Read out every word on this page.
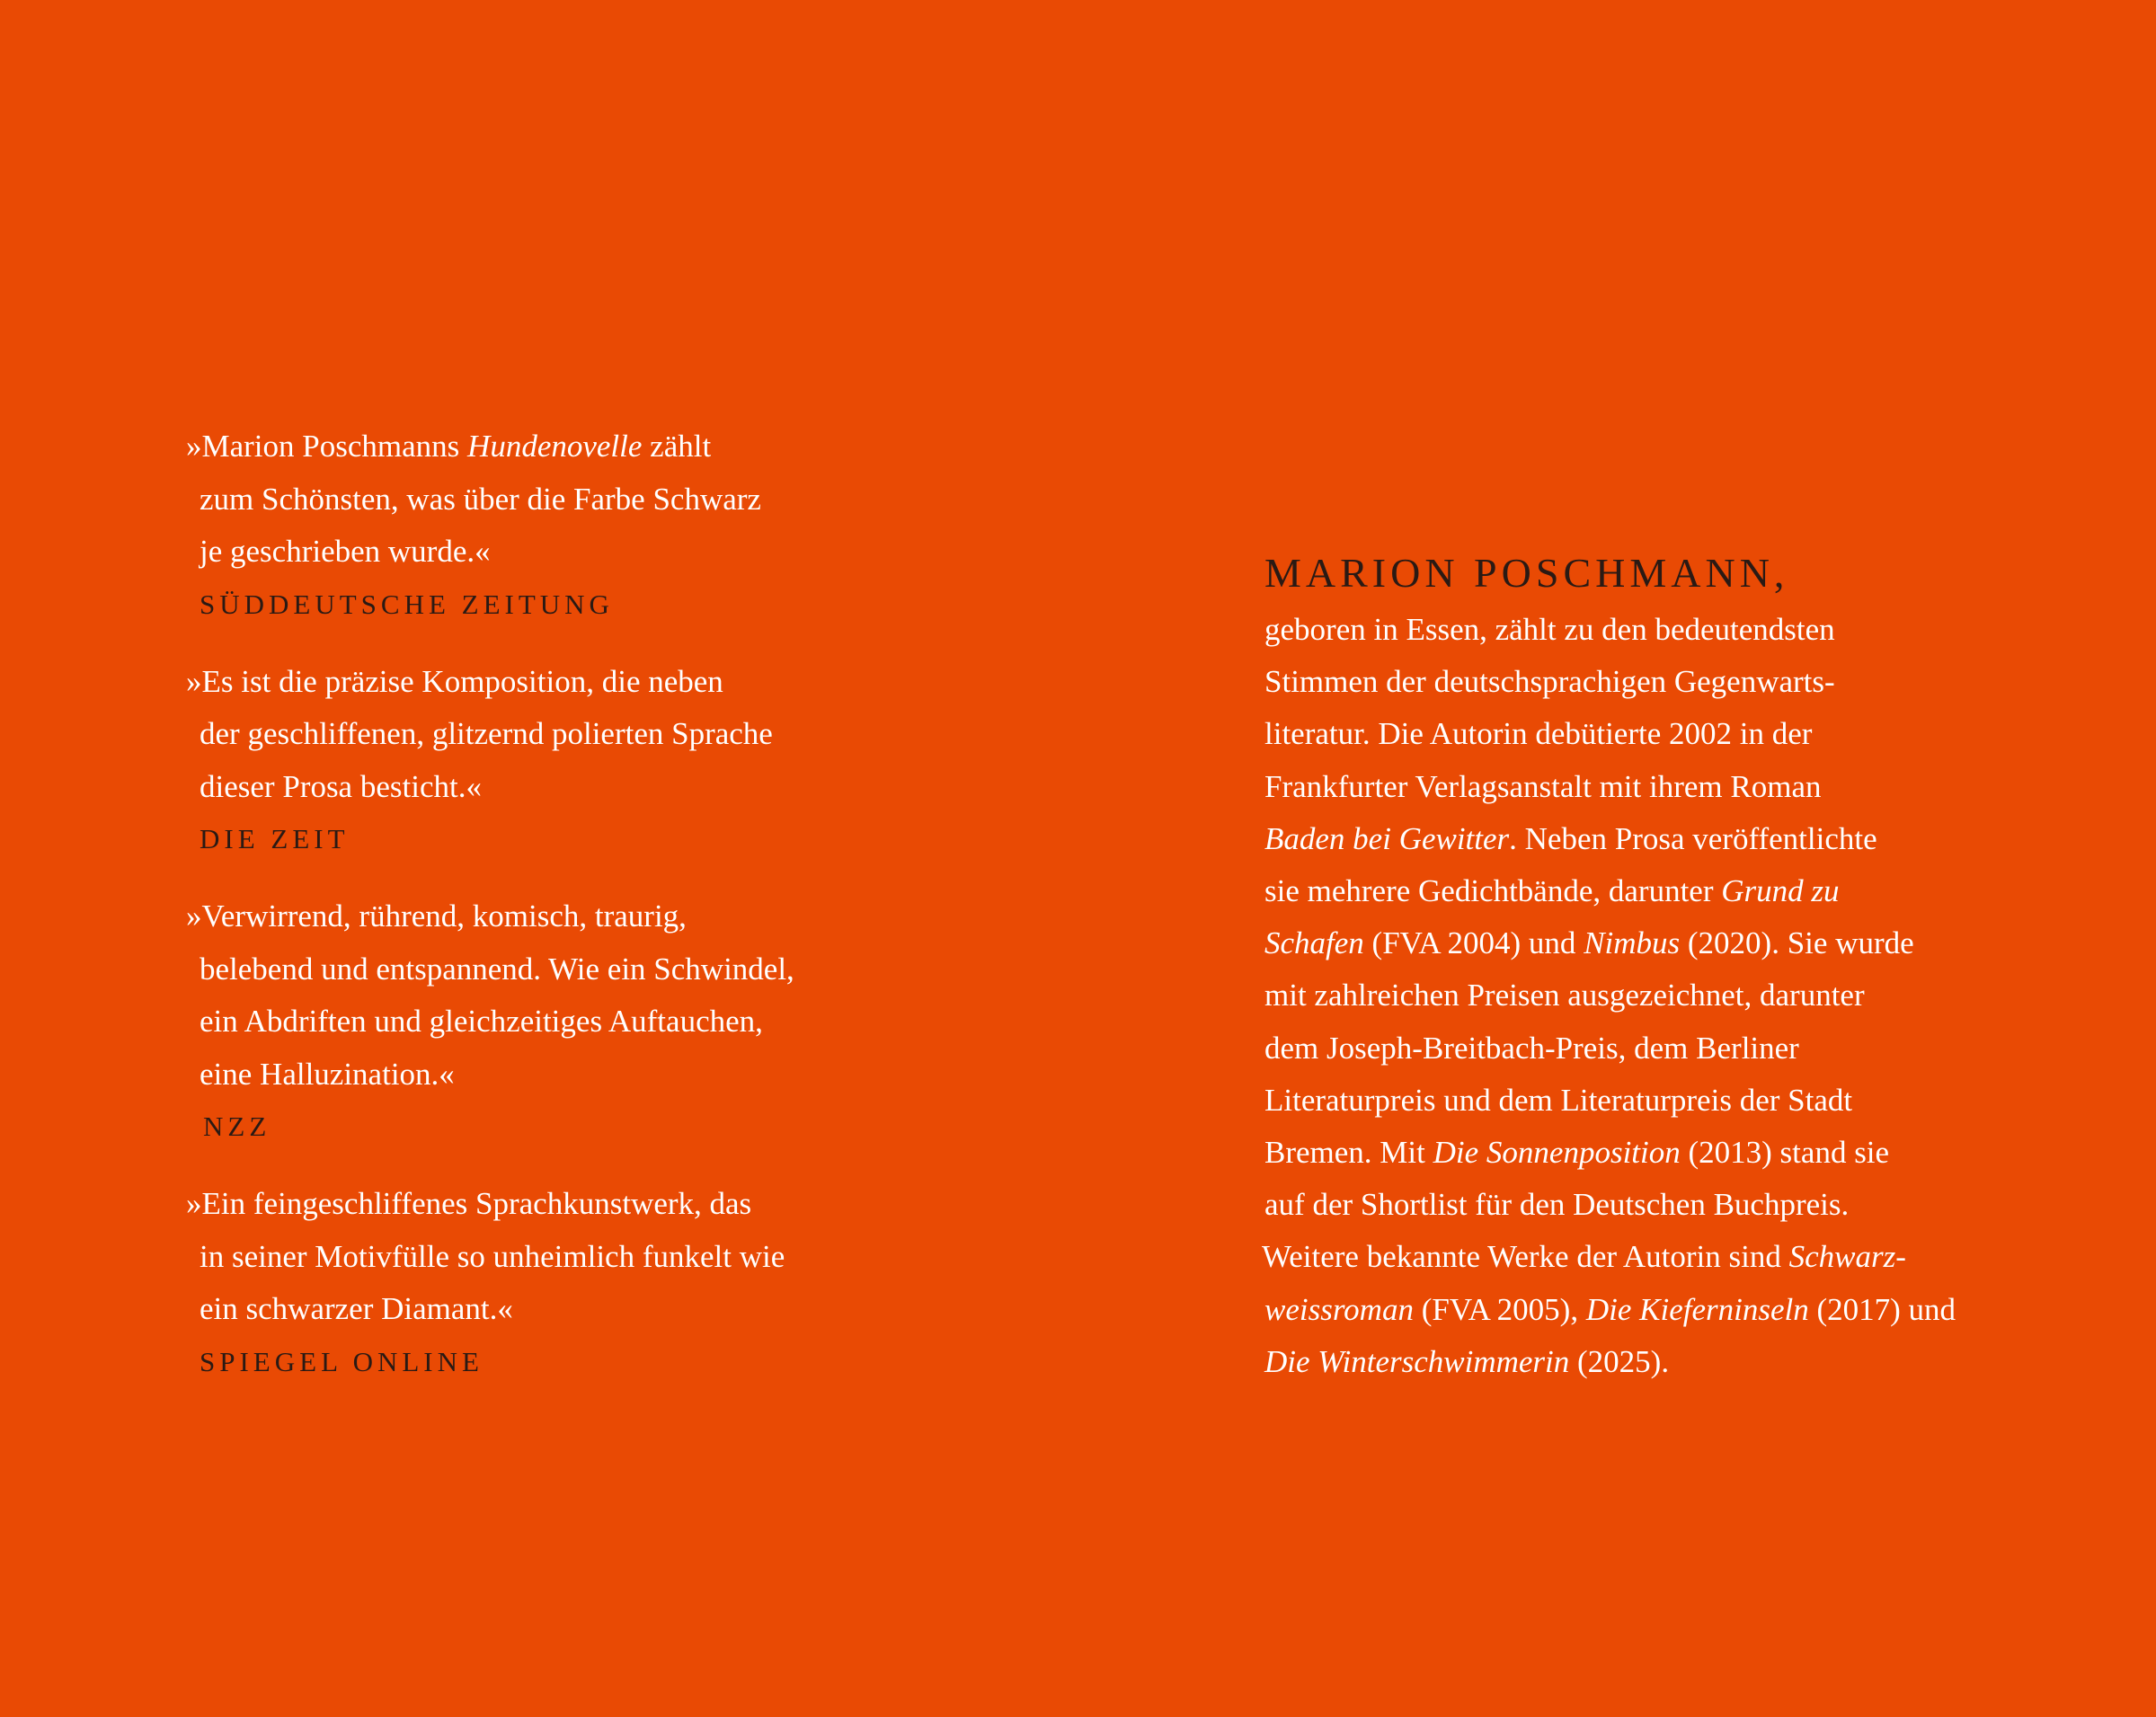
»Marion Poschmanns Hundenovelle zählt
zum Schönsten, was über die Farbe Schwarz
je geschrieben wurde.«
SÜDDEUTSCHE ZEITUNG
»Es ist die präzise Komposition, die neben
der geschliffenen, glitzernd polierten Sprache
dieser Prosa besticht.«
DIE ZEIT
»Verwirrend, rührend, komisch, traurig,
belebend und entspannend. Wie ein Schwindel,
ein Abdriften und gleichzeitiges Auftauchen,
eine Halluzination.«
NZZ
»Ein feingeschliffenes Sprachkunstwerk, das
in seiner Motivfülle so unheimlich funkelt wie
ein schwarzer Diamant.«
SPIEGEL ONLINE
MARION POSCHMANN,
geboren in Essen, zählt zu den bedeutendsten
Stimmen der deutschsprachigen Gegenwarts-
literatur. Die Autorin debütierte 2002 in der
Frankfurter Verlagsanstalt mit ihrem Roman
Baden bei Gewitter. Neben Prosa veröffentlichte
sie mehrere Gedichtbände, darunter Grund zu
Schafen (FVA 2004) und Nimbus (2020). Sie wurde
mit zahlreichen Preisen ausgezeichnet, darunter
dem Joseph-Breitbach-Preis, dem Berliner
Literaturpreis und dem Literaturpreis der Stadt
Bremen. Mit Die Sonnenposition (2013) stand sie
auf der Shortlist für den Deutschen Buchpreis.
Weitere bekannte Werke der Autorin sind Schwarz-
weissroman (FVA 2005), Die Kieferninseln (2017) und
Die Winterschwimmerin (2025).
